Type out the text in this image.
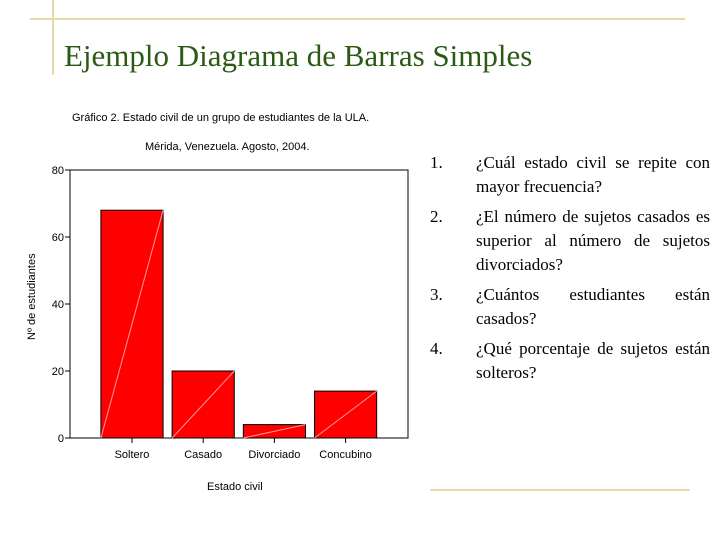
Ejemplo Diagrama de Barras Simples
Gráfico 2. Estado civil de un grupo de estudiantes de la ULA.
Mérida, Venezuela. Agosto, 2004.
0
20
40
60
80
Soltero	Casado Divorciado Concubino
Nº de estudiantes
Estado civil
1.	¿Cuál estado civil se repite con mayor frecuencia?
2.	¿El número de sujetos casados es superior al número de sujetos divorciados?
3.	¿Cuántos estudiantes están casados?
4.	¿Qué porcentaje de sujetos están solteros?
